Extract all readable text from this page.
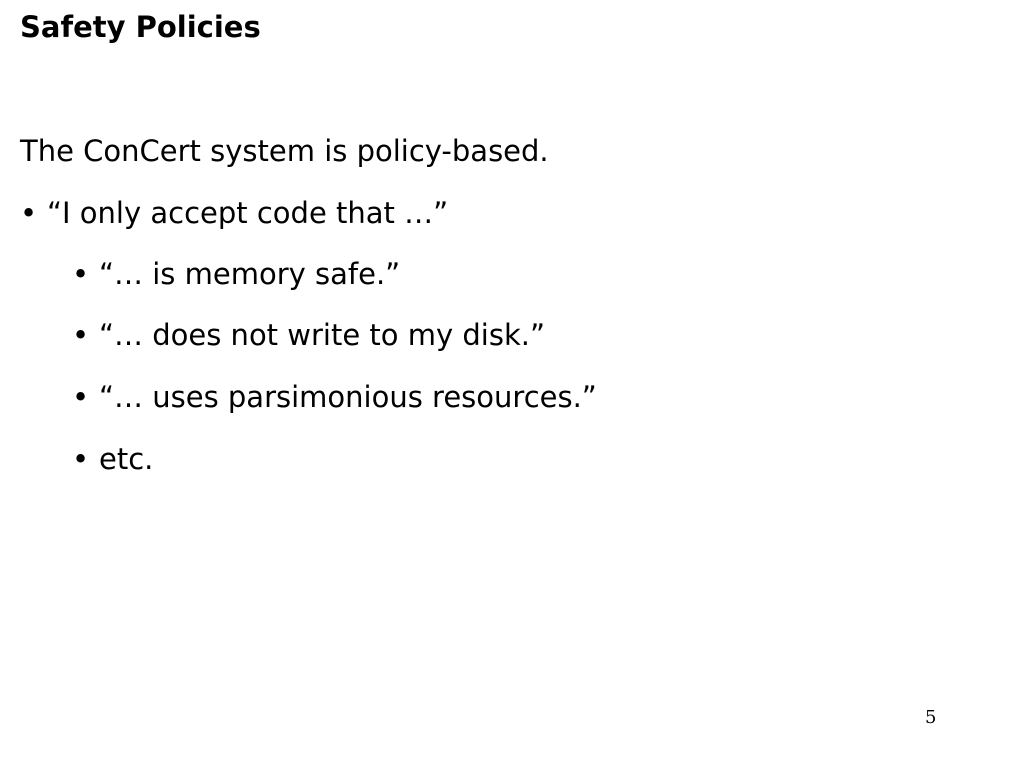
Safety Policies

The ConCert system is policy-based.

• “I only accept code that …”
• “… is memory safe.”
• “… does not write to my disk.”
• “… uses parsimonious resources.”
• etc.
5
